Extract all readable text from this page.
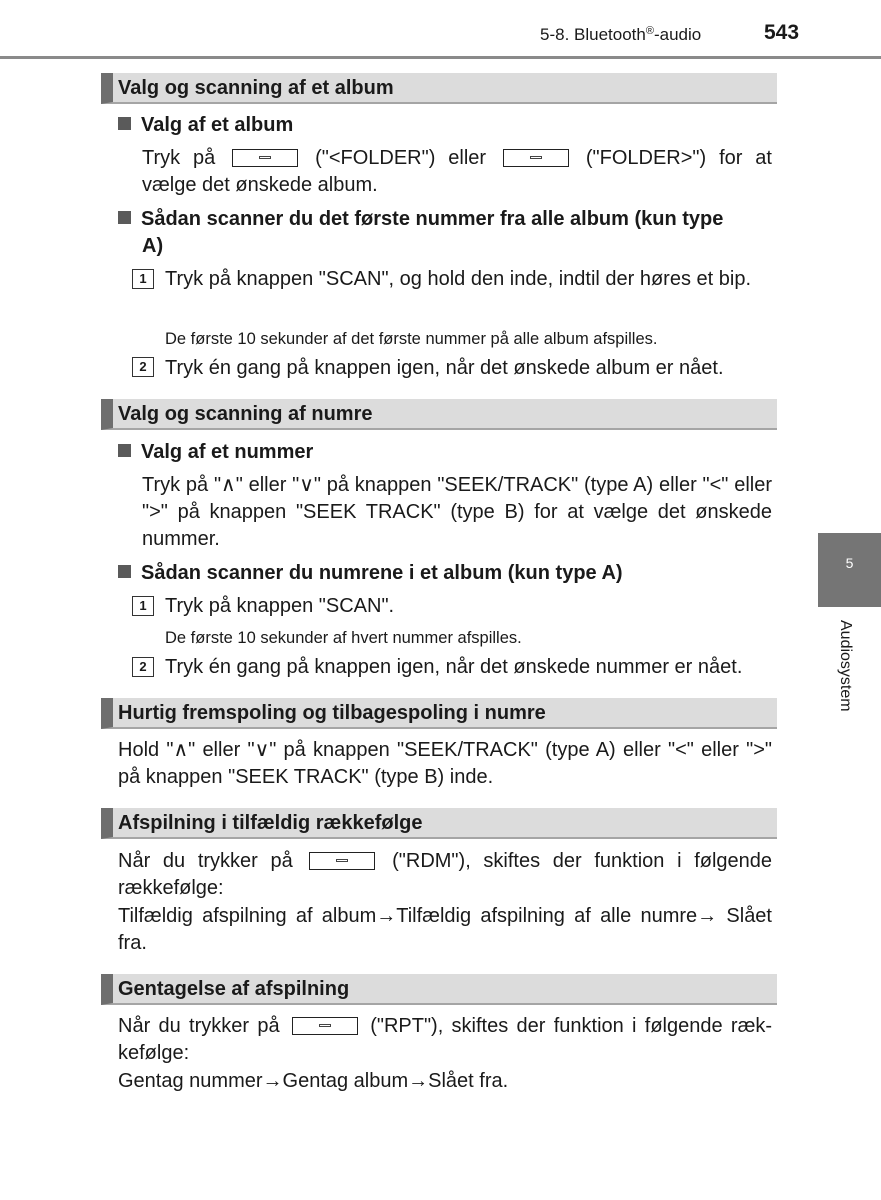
5-8. Bluetooth®-audio	543
Valg og scanning af et album
Valg af et album

Tryk på	("<FOLDER") eller	("FOLDER>") for at vælge det ønskede album.

Sådan scanner du det første nummer fra alle album (kun type
A)
1 Tryk på knappen "SCAN", og hold den inde, indtil der høres et bip.

De første 10 sekunder af det første nummer på alle album afspilles.
2 Tryk én gang på knappen igen, når det ønskede album er nået.

Valg og scanning af numre
Valg af et nummer

Tryk på "∧" eller "∨" på knappen "SEEK/TRACK" (type A) eller "<" eller ">" på knappen "SEEK TRACK" (type B) for at vælge det ønskede nummer.

Sådan scanner du numrene i et album (kun type A)
1 Tryk på knappen "SCAN".

De første 10 sekunder af hvert nummer afspilles.
2 Tryk én gang på knappen igen, når det ønskede nummer er nået.

Hurtig fremspoling og tilbagespoling i numre

Hold "∧" eller "∨" på knappen "SEEK/TRACK" (type A) eller "<" eller ">" på knappen "SEEK TRACK" (type B) inde.

Afspilning i tilfældig rækkefølge

Når du trykker på	("RDM"), skiftes der funktion i følgende rækkefølge:

Tilfældig afspilning af album→Tilfældig afspilning af alle numre→ Slået fra.

Gentagelse af afspilning

Når du trykker på	("RPT"), skiftes der funktion i følgende ræk-kefølge:

Gentag nummer→Gentag album→Slået fra.

5
Audiosystem
